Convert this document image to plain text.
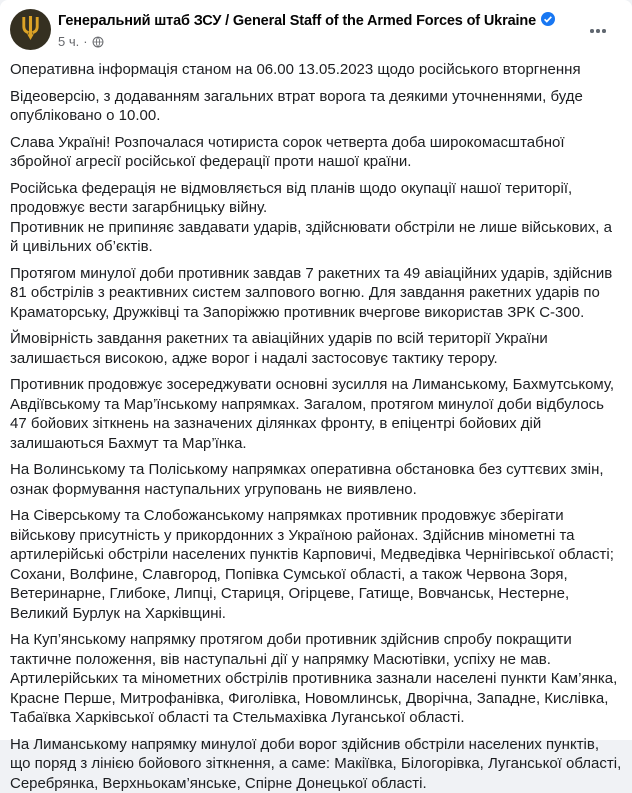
Генеральний штаб ЗСУ / General Staff of the Armed Forces of Ukraine
5 ч. ·

Оперативна інформація станом на 06.00 13.05.2023 щодо російського вторгнення

Відеоверсію, з додаванням загальних втрат ворога та деякими уточненнями, буде опубліковано о 10.00.

Слава Україні! Розпочалася чотириста сорок четверта доба широкомасштабної збройної агресії російської федерації проти нашої країни.

Російська федерація не відмовляється від планів щодо окупації нашої території, продовжує вести загарбницьку війну.

Противник не припиняє завдавати ударів, здійснювати обстріли не лише військових, а й цивільних об’єктів.

Протягом минулої доби противник завдав 7 ракетних та 49 авіаційних ударів, здійснив 81 обстрілів з реактивних систем залпового вогню. Для завдання ракетних ударів по Краматорську, Дружківці та Запоріжжю противник вчергове використав ЗРК С-300.

Ймовірність завдання ракетних та авіаційних ударів по всій території України залишається високою, адже ворог і надалі застосовує тактику терору.

Противник продовжує зосереджувати основні зусилля на Лиманському, Бахмутському, Авдіївському та Мар’їнському напрямках. Загалом, протягом минулої доби відбулось 47 бойових зіткнень на зазначених ділянках фронту, в епіцентрі бойових дій залишаються Бахмут та Мар’їнка.

На Волинському та Поліському напрямках оперативна обстановка без суттєвих змін, ознак формування наступальних угруповань не виявлено.

На Сіверському та Слобожанському напрямках противник продовжує зберігати військову присутність у прикордонних з Україною районах. Здійснив мінометні та артилерійські обстріли населених пунктів Карповичі, Медведівка Чернігівської області; Сохани, Волфине, Славгород, Попівка Сумської області, а також Червона Зоря, Ветеринарне, Глибоке, Липці, Стариця, Огірцеве, Гатище, Вовчанськ, Нестерне, Великий Бурлук на Харківщині.

На Куп’янському напрямку протягом доби противник здійснив спробу покращити тактичне положення, вів наступальні дії у напрямку Масютівки, успіху не мав. Артилерійських та мінометних обстрілів противника зазнали населені пункти Кам’янка, Красне Перше, Митрофанівка, Фиголівка, Новомлинськ, Дворічна, Западне, Кислівка, Табаївка Харківської області та Стельмахівка Луганської області.

На Лиманському напрямку минулої доби ворог здійснив обстріли населених пунктів, що поряд з лінією бойового зіткнення, а саме: Макіївка, Білогорівка, Луганської області, Серебрянка, Верхньокам’янське, Спірне Донецької області.
